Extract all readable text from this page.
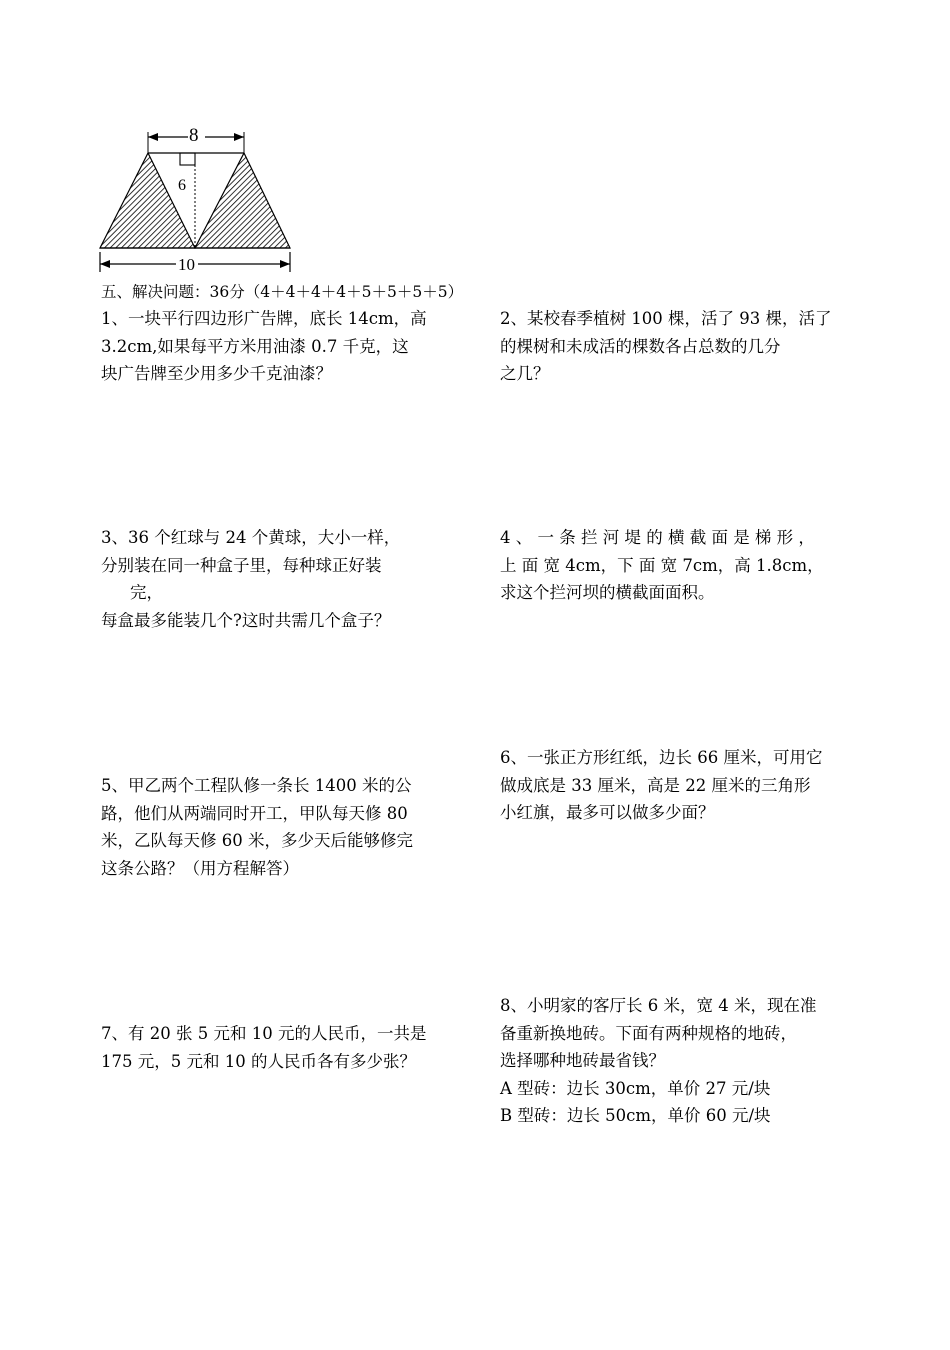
8
6
10
五、解决问题：36分（4＋4＋4＋4＋5＋5＋5＋5）
1、一块平行四边形广告牌，底长 14cm，高
3.2cm,如果每平方米用油漆 0.7 千克，这
块广告牌至少用多少千克油漆？
2、某校春季植树 100 棵，活了 93 棵，活了
的棵树和未成活的棵数各占总数的几分
之几？
3、36 个红球与 24 个黄球，大小一样，
分别装在同一种盒子里，每种球正好装
完，
每盒最多能装几个?这时共需几个盒子？
4 、 一 条 拦 河 堤 的 横 截 面 是 梯 形 ，
上 面 宽 4cm，下 面 宽 7cm，高 1.8cm，
求这个拦河坝的横截面面积。
6、一张正方形红纸，边长 66 厘米，可用它
做成底是 33 厘米，高是 22 厘米的三角形
小红旗，最多可以做多少面？
5、甲乙两个工程队修一条长 1400 米的公
路，他们从两端同时开工，甲队每天修 80
米，乙队每天修 60 米，多少天后能够修完
这条公路？（用方程解答）
8、小明家的客厅长 6 米，宽 4 米，现在准
备重新换地砖。下面有两种规格的地砖，
选择哪种地砖最省钱？
A 型砖：边长 30cm，单价 27 元/块
B 型砖：边长 50cm，单价 60 元/块
7、有 20 张 5 元和 10 元的人民币，一共是
175 元，5 元和 10 的人民币各有多少张？
